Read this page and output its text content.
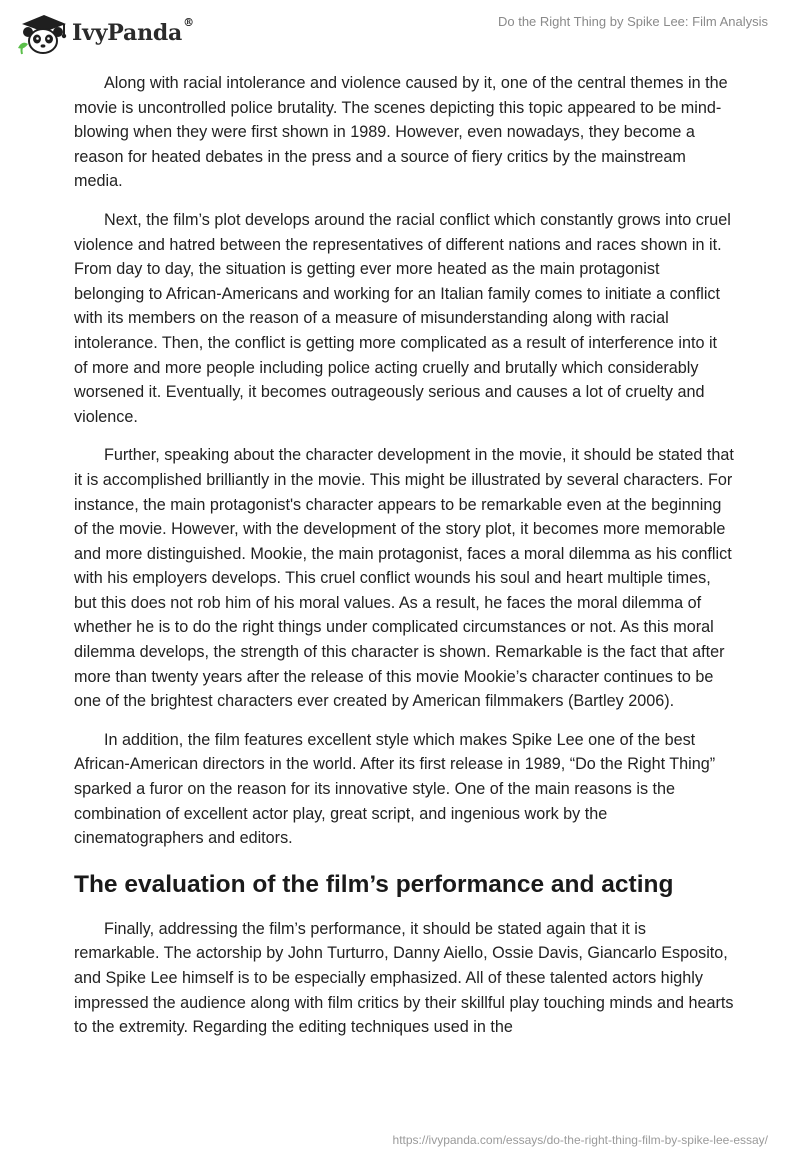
IvyPanda®	Do the Right Thing by Spike Lee: Film Analysis

Along with racial intolerance and violence caused by it, one of the central themes in the movie is uncontrolled police brutality. The scenes depicting this topic appeared to be mind-blowing when they were first shown in 1989. However, even nowadays, they become a reason for heated debates in the press and a source of fiery critics by the mainstream media.

Next, the film’s plot develops around the racial conflict which constantly grows into cruel violence and hatred between the representatives of different nations and races shown in it. From day to day, the situation is getting ever more heated as the main protagonist belonging to African-Americans and working for an Italian family comes to initiate a conflict with its members on the reason of a measure of misunderstanding along with racial intolerance. Then, the conflict is getting more complicated as a result of interference into it of more and more people including police acting cruelly and brutally which considerably worsened it. Eventually, it becomes outrageously serious and causes a lot of cruelty and violence.

Further, speaking about the character development in the movie, it should be stated that it is accomplished brilliantly in the movie. This might be illustrated by several characters. For instance, the main protagonist's character appears to be remarkable even at the beginning of the movie. However, with the development of the story plot, it becomes more memorable and more distinguished. Mookie, the main protagonist, faces a moral dilemma as his conflict with his employers develops. This cruel conflict wounds his soul and heart multiple times, but this does not rob him of his moral values. As a result, he faces the moral dilemma of whether he is to do the right things under complicated circumstances or not. As this moral dilemma develops, the strength of this character is shown. Remarkable is the fact that after more than twenty years after the release of this movie Mookie’s character continues to be one of the brightest characters ever created by American filmmakers (Bartley 2006).

In addition, the film features excellent style which makes Spike Lee one of the best African-American directors in the world. After its first release in 1989, “Do the Right Thing” sparked a furor on the reason for its innovative style. One of the main reasons is the combination of excellent actor play, great script, and ingenious work by the cinematographers and editors.

The evaluation of the film’s performance and acting

Finally, addressing the film’s performance, it should be stated again that it is remarkable. The actorship by John Turturro, Danny Aiello, Ossie Davis, Giancarlo Esposito, and Spike Lee himself is to be especially emphasized. All of these talented actors highly impressed the audience along with film critics by their skillful play touching minds and hearts to the extremity. Regarding the editing techniques used in the

https://ivypanda.com/essays/do-the-right-thing-film-by-spike-lee-essay/
